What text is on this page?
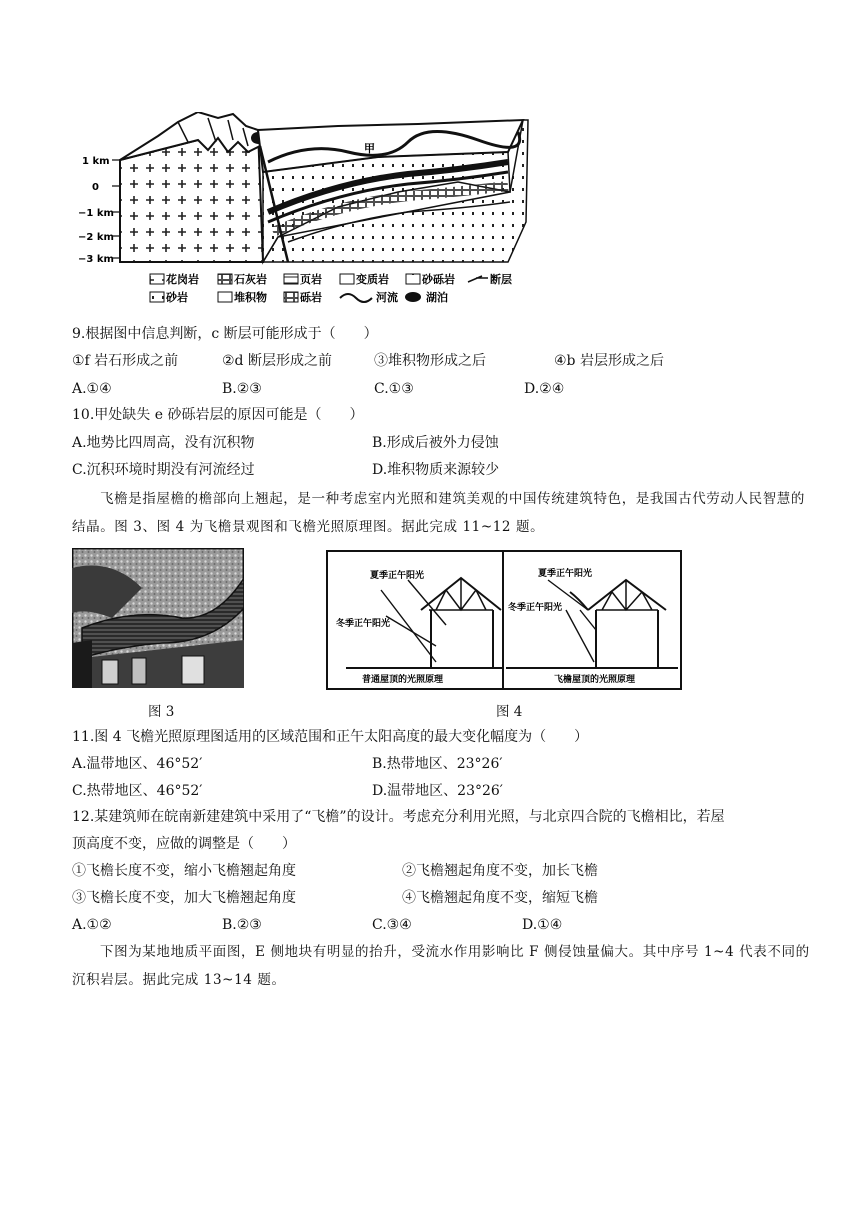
1 km
0
−1 km
−2 km
−3 km
甲
花岗岩	石灰岩	页岩	变质岩	砂砾岩	断层
砂岩	堆积物	砾岩	河流	湖泊
9.根据图中信息判断，c 断层可能形成于（　　）
①f 岩石形成之前	②d 断层形成之前	③堆积物形成之后	④b 岩层形成之后
A.①④	B.②③	C.①③	D.②④
10.甲处缺失 e 砂砾岩层的原因可能是（　　）
A.地势比四周高，没有沉积物	B.形成后被外力侵蚀
C.沉积环境时期没有河流经过	D.堆积物质来源较少
飞檐是指屋檐的檐部向上翘起，是一种考虑室内光照和建筑美观的中国传统建筑特色，是我国古代劳动人民智慧的结晶。图 3、图 4 为飞檐景观图和飞檐光照原理图。据此完成 11~12 题。
图 3
夏季正午阳光
冬季正午阳光
普通屋顶的光照原理
夏季正午阳光
冬季正午阳光
飞檐屋顶的光照原理
图 4
11.图 4 飞檐光照原理图适用的区域范围和正午太阳高度的最大变化幅度为（　　）
A.温带地区、46°52′	B.热带地区、23°26′
C.热带地区、46°52′	D.温带地区、23°26′
12.某建筑师在皖南新建建筑中采用了“飞檐”的设计。考虑充分利用光照，与北京四合院的飞檐相比，若屋
顶高度不变，应做的调整是（　　）
①飞檐长度不变，缩小飞檐翘起角度	②飞檐翘起角度不变，加长飞檐
③飞檐长度不变，加大飞檐翘起角度	④飞檐翘起角度不变，缩短飞檐
A.①②	B.②③	C.③④	D.①④
下图为某地地质平面图，E 侧地块有明显的抬升，受流水作用影响比 F 侧侵蚀量偏大。其中序号 1~4 代表不同的沉积岩层。据此完成 13~14 题。
